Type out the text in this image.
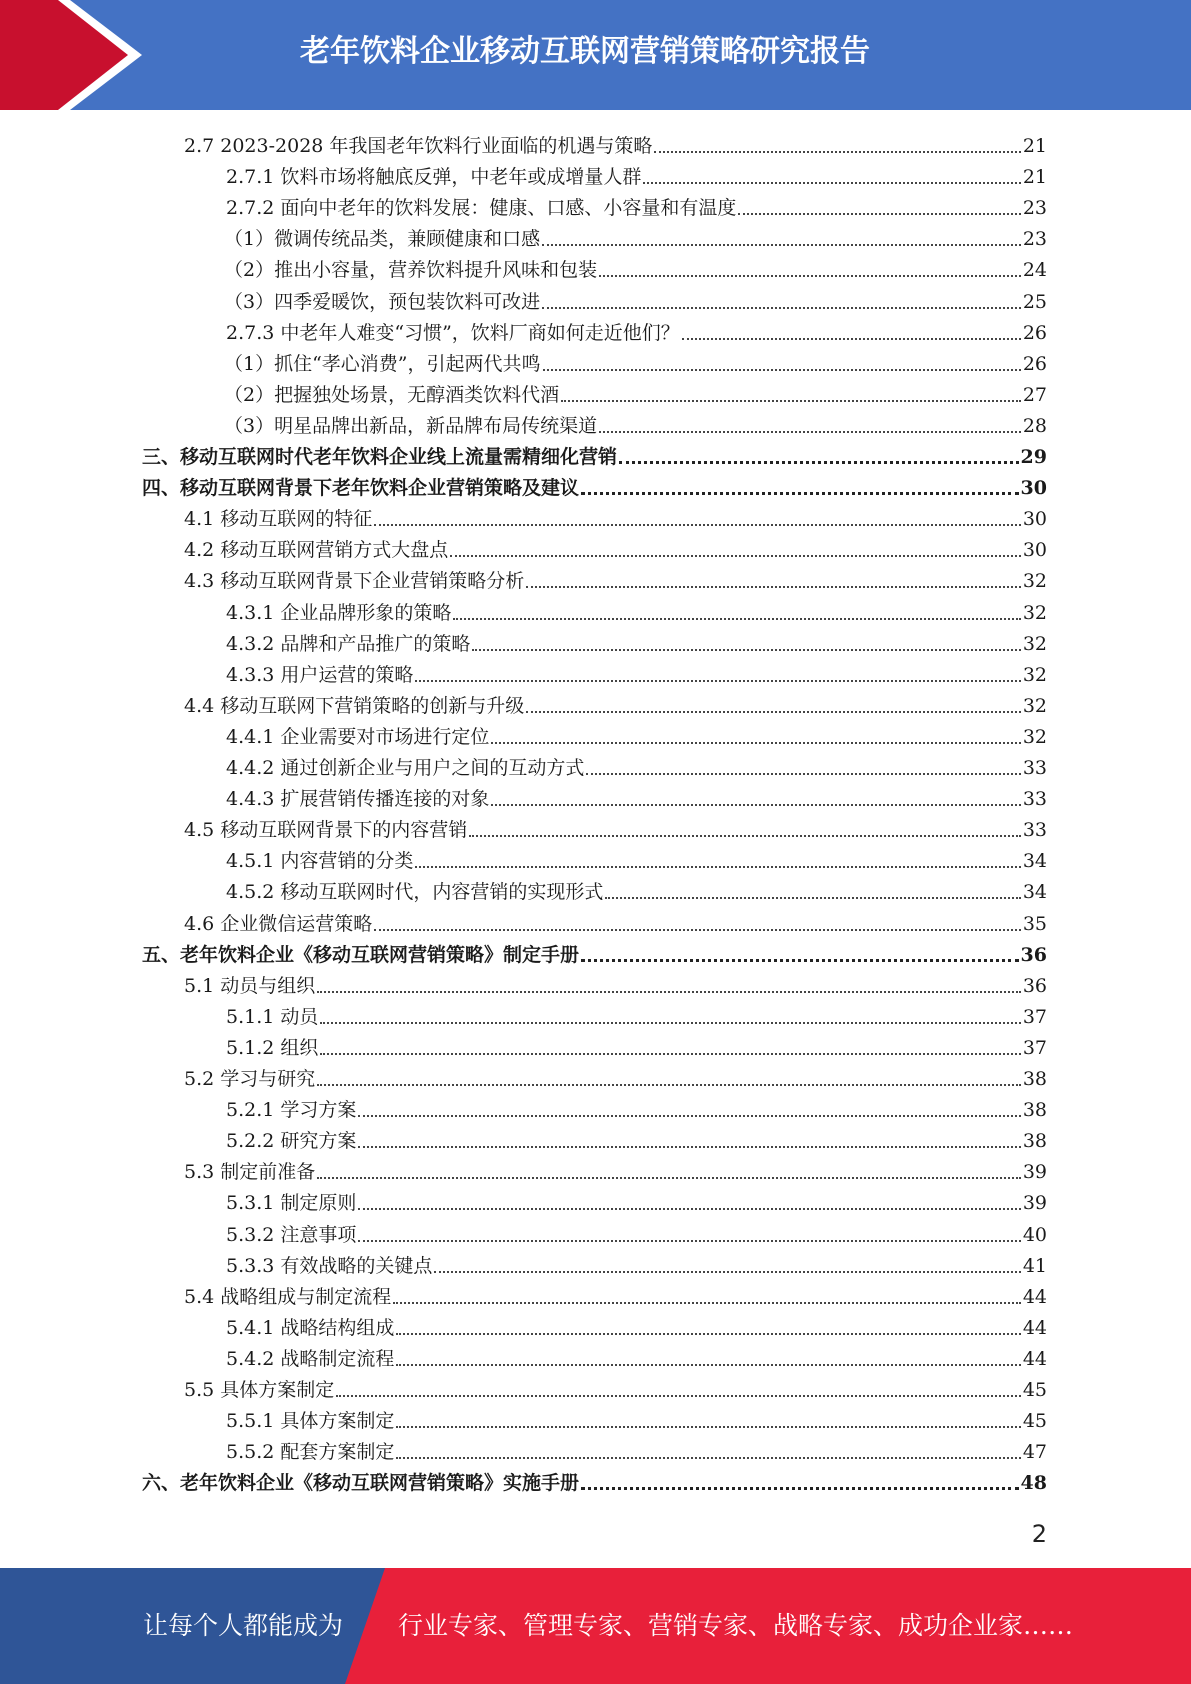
老年饮料企业移动互联网营销策略研究报告
2.7 2023-2028 年我国老年饮料行业面临的机遇与策略	21
2.7.1 饮料市场将触底反弹，中老年或成增量人群	21
2.7.2 面向中老年的饮料发展：健康、口感、小容量和有温度	23
（1）微调传统品类，兼顾健康和口感	23
（2）推出小容量，营养饮料提升风味和包装	24
（3）四季爱暖饮，预包装饮料可改进	25
2.7.3 中老年人难变“习惯”，饮料厂商如何走近他们？	26
（1）抓住“孝心消费”，引起两代共鸣	26
（2）把握独处场景，无醇酒类饮料代酒	27
（3）明星品牌出新品，新品牌布局传统渠道	28
三、移动互联网时代老年饮料企业线上流量需精细化营销	29
四、移动互联网背景下老年饮料企业营销策略及建议	30
4.1 移动互联网的特征	30
4.2 移动互联网营销方式大盘点	30
4.3 移动互联网背景下企业营销策略分析	32
4.3.1 企业品牌形象的策略	32
4.3.2 品牌和产品推广的策略	32
4.3.3 用户运营的策略	32
4.4 移动互联网下营销策略的创新与升级	32
4.4.1 企业需要对市场进行定位	32
4.4.2 通过创新企业与用户之间的互动方式	33
4.4.3 扩展营销传播连接的对象	33
4.5 移动互联网背景下的内容营销	33
4.5.1 内容营销的分类	34
4.5.2 移动互联网时代，内容营销的实现形式	34
4.6 企业微信运营策略	35
五、老年饮料企业《移动互联网营销策略》制定手册	36
5.1 动员与组织	36
5.1.1 动员	37
5.1.2 组织	37
5.2 学习与研究	38
5.2.1 学习方案	38
5.2.2 研究方案	38
5.3 制定前准备	39
5.3.1 制定原则	39
5.3.2 注意事项	40
5.3.3 有效战略的关键点	41
5.4 战略组成与制定流程	44
5.4.1 战略结构组成	44
5.4.2 战略制定流程	44
5.5 具体方案制定	45
5.5.1 具体方案制定	45
5.5.2 配套方案制定	47
六、老年饮料企业《移动互联网营销策略》实施手册	48
2
让每个人都能成为 行业专家、管理专家、营销专家、战略专家、成功企业家……
